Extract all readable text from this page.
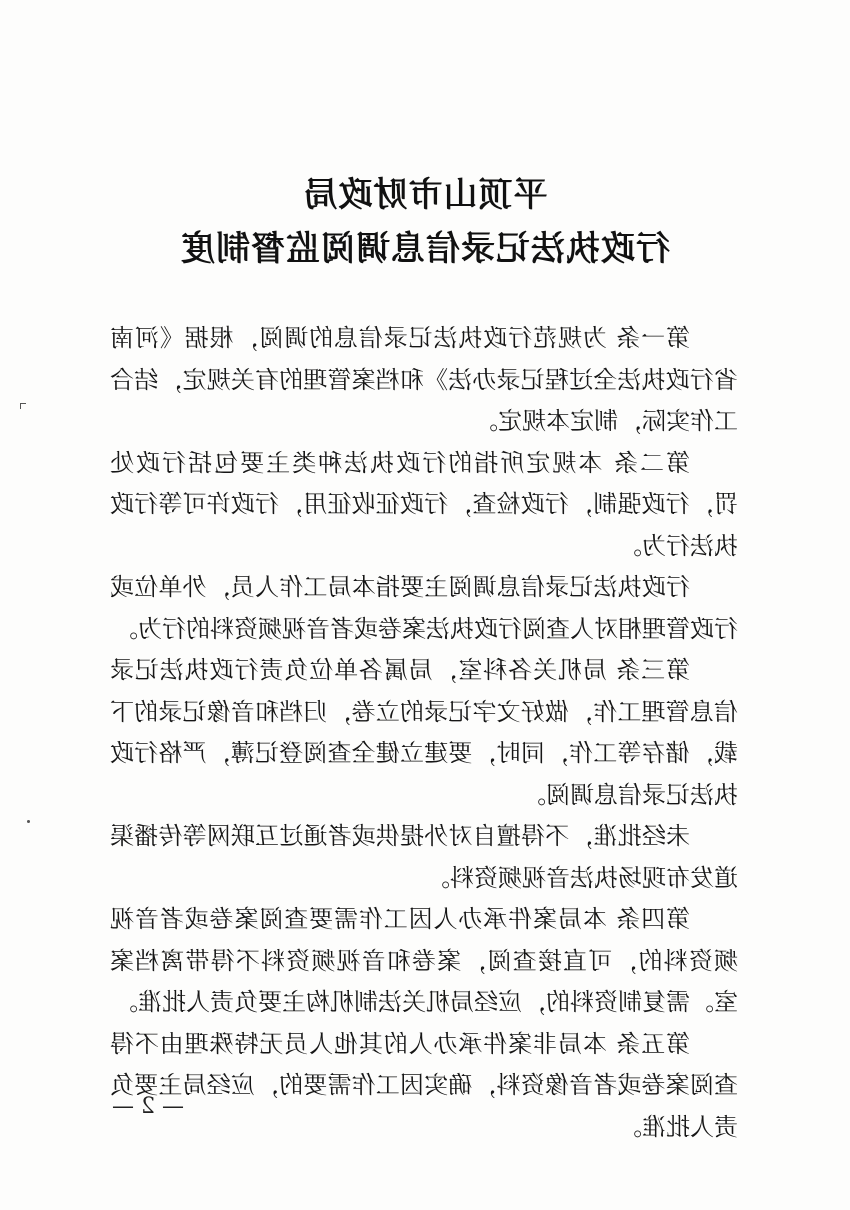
平顶山市财政局
行政执法记录信息调阅监督制度

第一条 为规范行政执法记录信息的调阅，根据《河南省行政执法全过程记录办法》和档案管理的有关规定，结合工作实际，制定本规定。

第二条 本规定所指的行政执法种类主要包括行政处罚，行政强制，行政检查，行政征收征用，行政许可等行政执法行为。

行政执法记录信息调阅主要指本局工作人员，外单位或行政管理相对人查阅行政执法案卷或者音视频资料的行为。

第三条 局机关各科室，局属各单位负责行政执法记录信息管理工作，做好文字记录的立卷，归档和音像记录的下载，储存等工作，同时，要建立健全查阅登记薄，严格行政执法记录信息调阅。

未经批准，不得擅自对外提供或者通过互联网等传播渠道发布现场执法音视频资料。

第四条 本局案件承办人因工作需要查阅案卷或者音视频资料的，可直接查阅，案卷和音视频资料不得带离档案室。需复制资料的，应经局机关法制机构主要负责人批准。

第五条 本局非案件承办人的其他人员无特殊理由不得查阅案卷或者音像资料，确实因工作需要的，应经局主要负责人批准。

— 2 —
